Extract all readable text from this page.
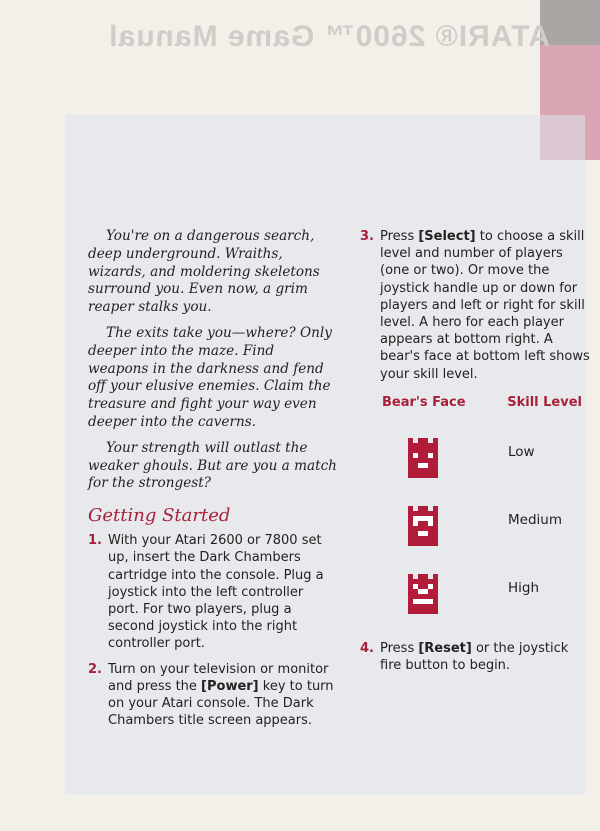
ATARI® 2600™ Game Manual

You're on a dangerous search, deep underground. Wraiths, wizards, and moldering skeletons surround you. Even now, a grim reaper stalks you.

The exits take you—where? Only deeper into the maze. Find weapons in the darkness and fend off your elusive enemies. Claim the treasure and fight your way even deeper into the caverns.

Your strength will outlast the weaker ghouls. But are you a match for the strongest?

Getting Started
1. With your Atari 2600 or 7800 set up, insert the Dark Chambers cartridge into the console. Plug a joystick into the left controller port. For two players, plug a second joystick into the right controller port.
2. Turn on your television or monitor and press the [Power] key to turn on your Atari console. The Dark Chambers title screen appears.
3. Press [Select] to choose a skill level and number of players (one or two). Or move the joystick handle up or down for players and left or right for skill level. A hero for each player appears at bottom right. A bear's face at bottom left shows your skill level.
Bear's Face	Skill Level
Low
Medium
High
4. Press [Reset] or the joystick fire button to begin.
